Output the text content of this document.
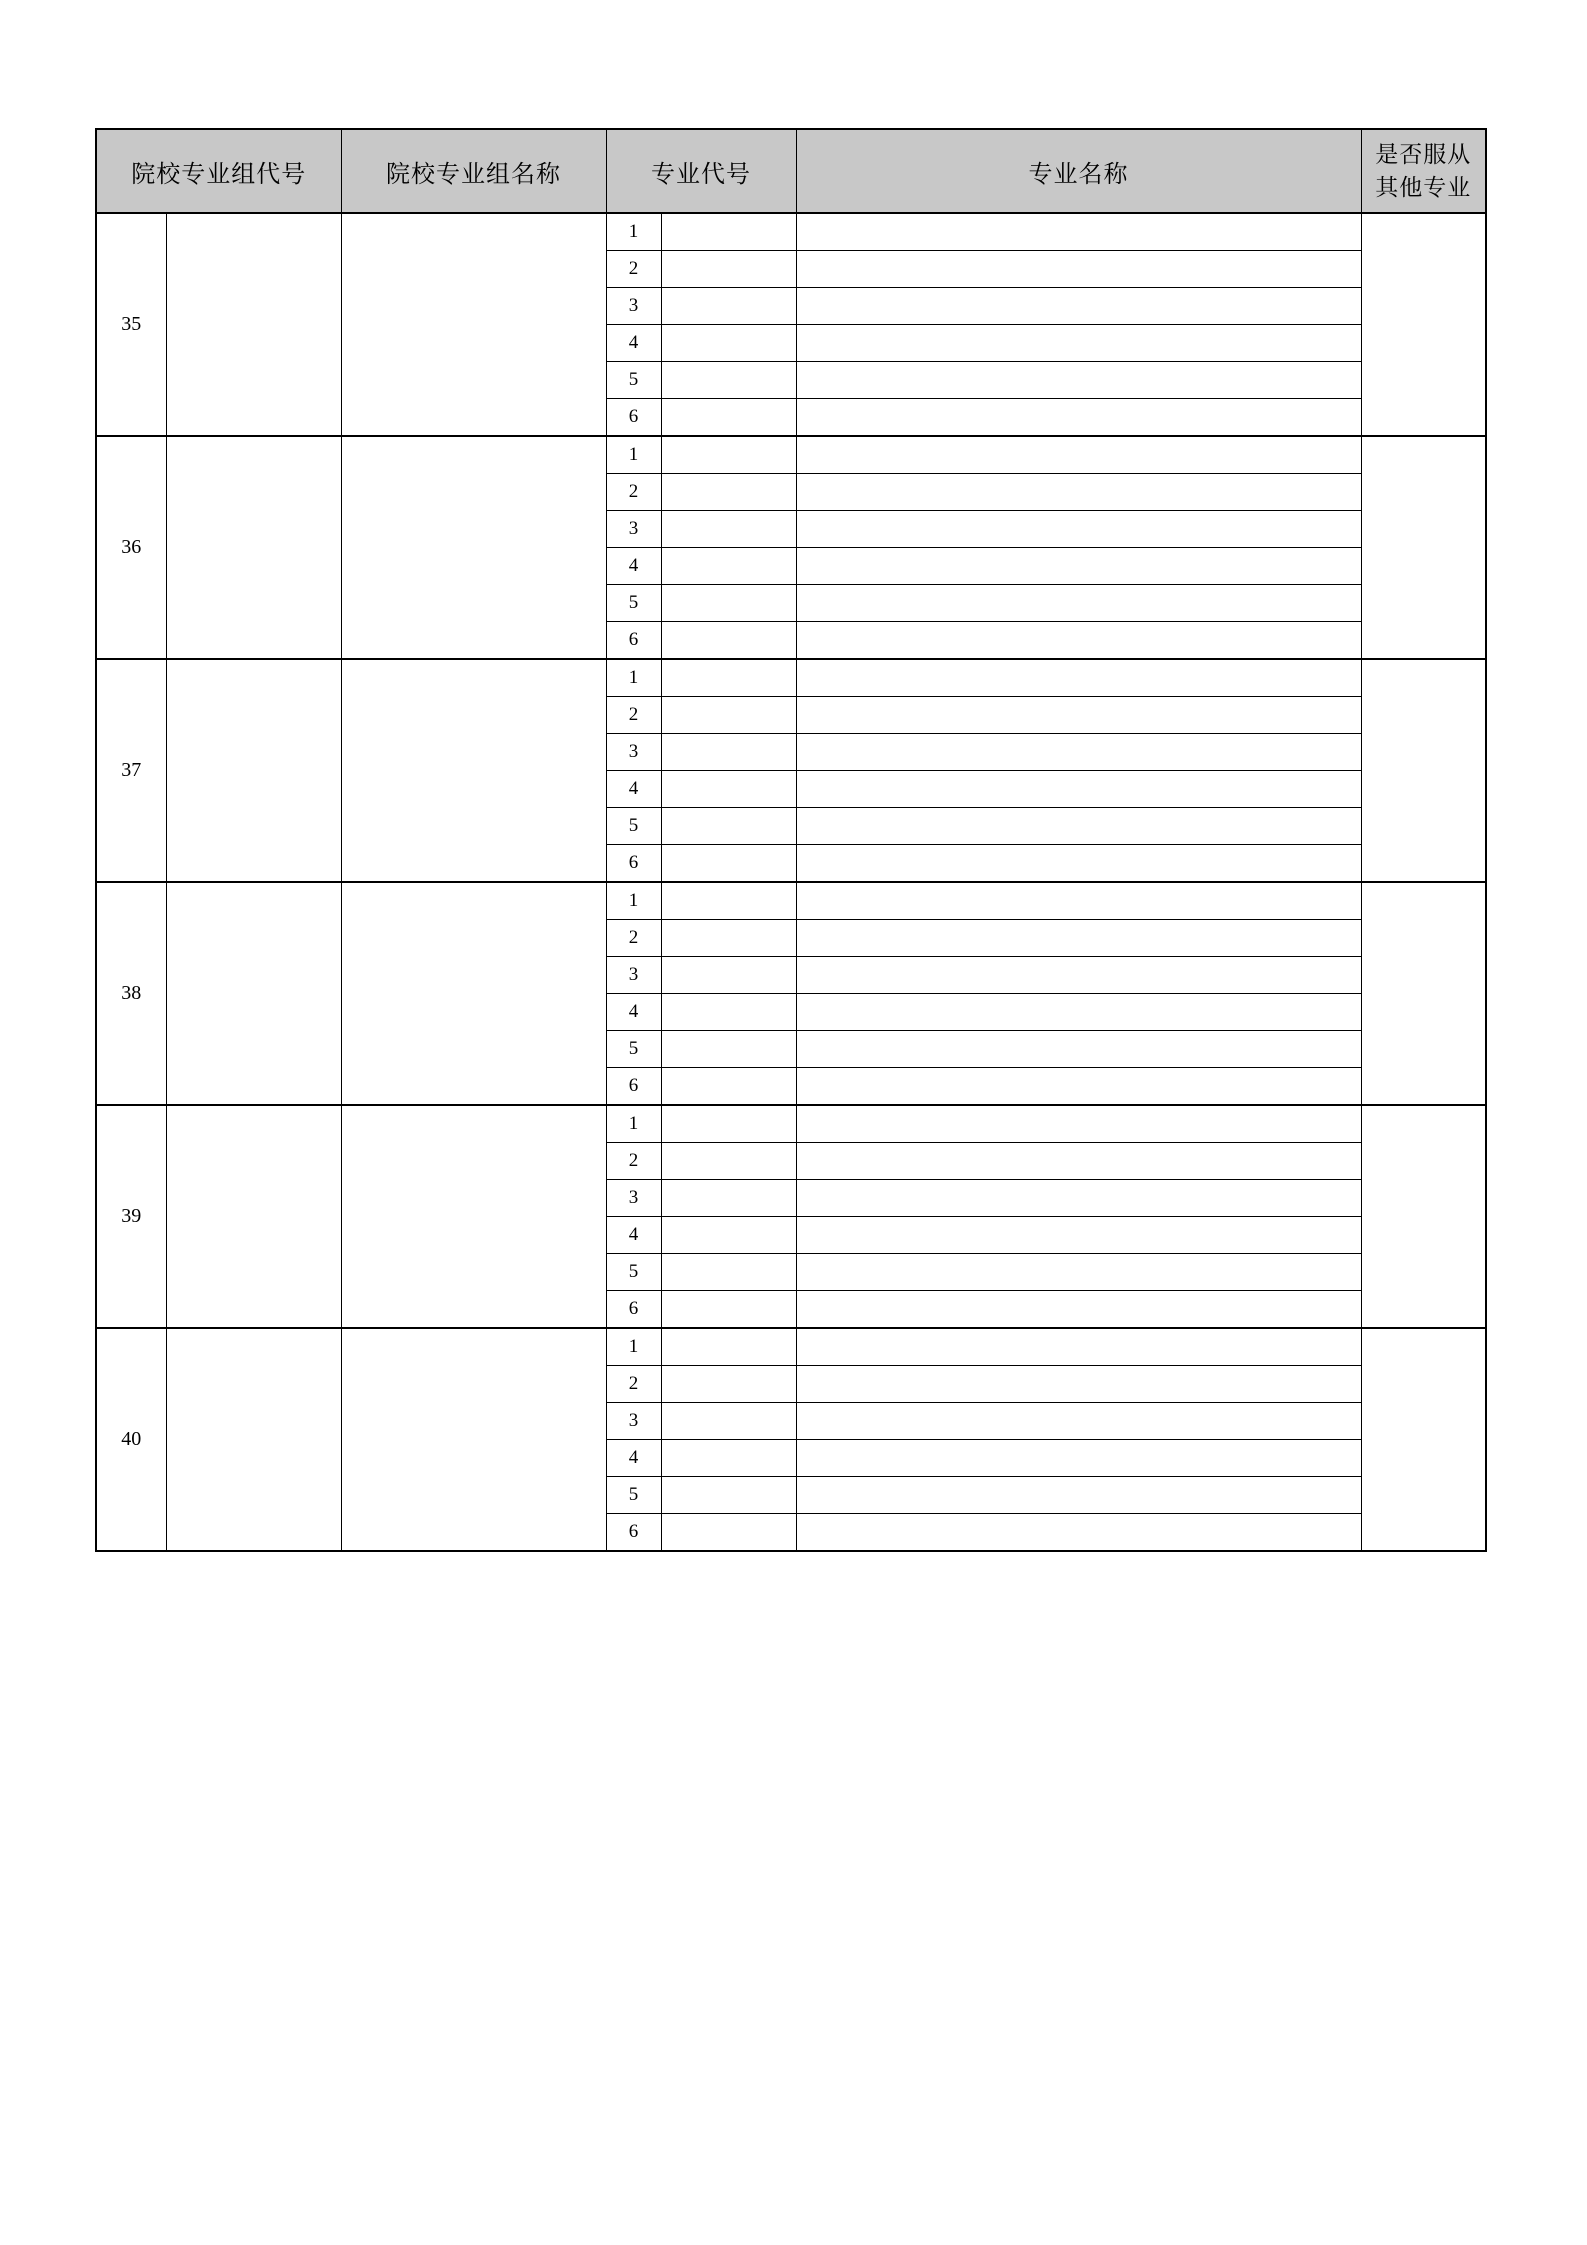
院校专业组代号		院校专业组名称	专业代号		专业名称	是否服从
其他专业

35			1			
			2			
			3			
			4			
			5			
			6			
36			1			
			2			
			3			
			4			
			5			
			6			
37			1			
			2			
			3			
			4			
			5			
			6			
38			1			
			2			
			3			
			4			
			5			
			6			
39			1			
			2			
			3			
			4			
			5			
			6			
40			1			
			2			
			3			
			4			
			5			
			6			
